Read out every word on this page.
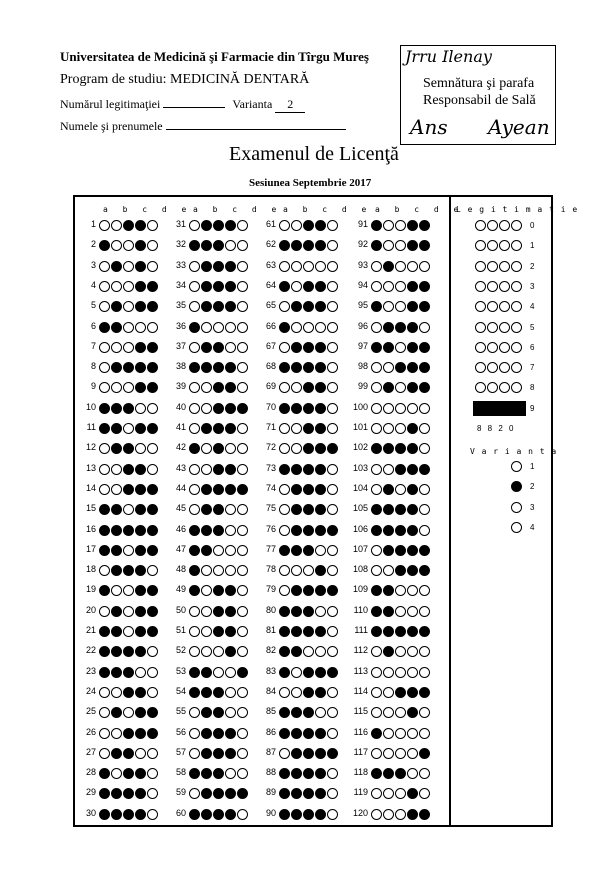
Universitatea de Medicină şi Farmacie din Tîrgu Mureş
Program de studiu: MEDICINĂ DENTARĂ
Numărul legitimaţiei	Varianta 2
Numele şi prenumele
Jrru Ilenay
Semnătura şi parafa
Responsabil de Sală
Ans Ayean
Examenul de Licenţă
Sesiunea Septembrie 2017
a b c d e a b c d e a b c d e a b c d e
1
2
3
4
5
6
7
8
9
10
11
12
13
14
15
16
17
18
19
20
21
22
23
24
25
26
27
28
29
30
31
32
33
34
35
36
37
38
39
40
41
42
43
44
45
46
47
48
49
50
51
52
53
54
55
56
57
58
59
60
61
62
63
64
65
66
67
68
69
70
71
72
73
74
75
76
77
78
79
80
81
82
83
84
85
86
87
88
89
90
91
92
93
94
95
96
97
98
99
100
101
102
103
104
105
106
107
108
109
110
111
112
113
114
115
116
117
118
119
120
L e g i t i m a t i e
0
1
2
3
4
5
6
7
8
9
8 8 2 0
V a r i a n t a
1
2
3
4
